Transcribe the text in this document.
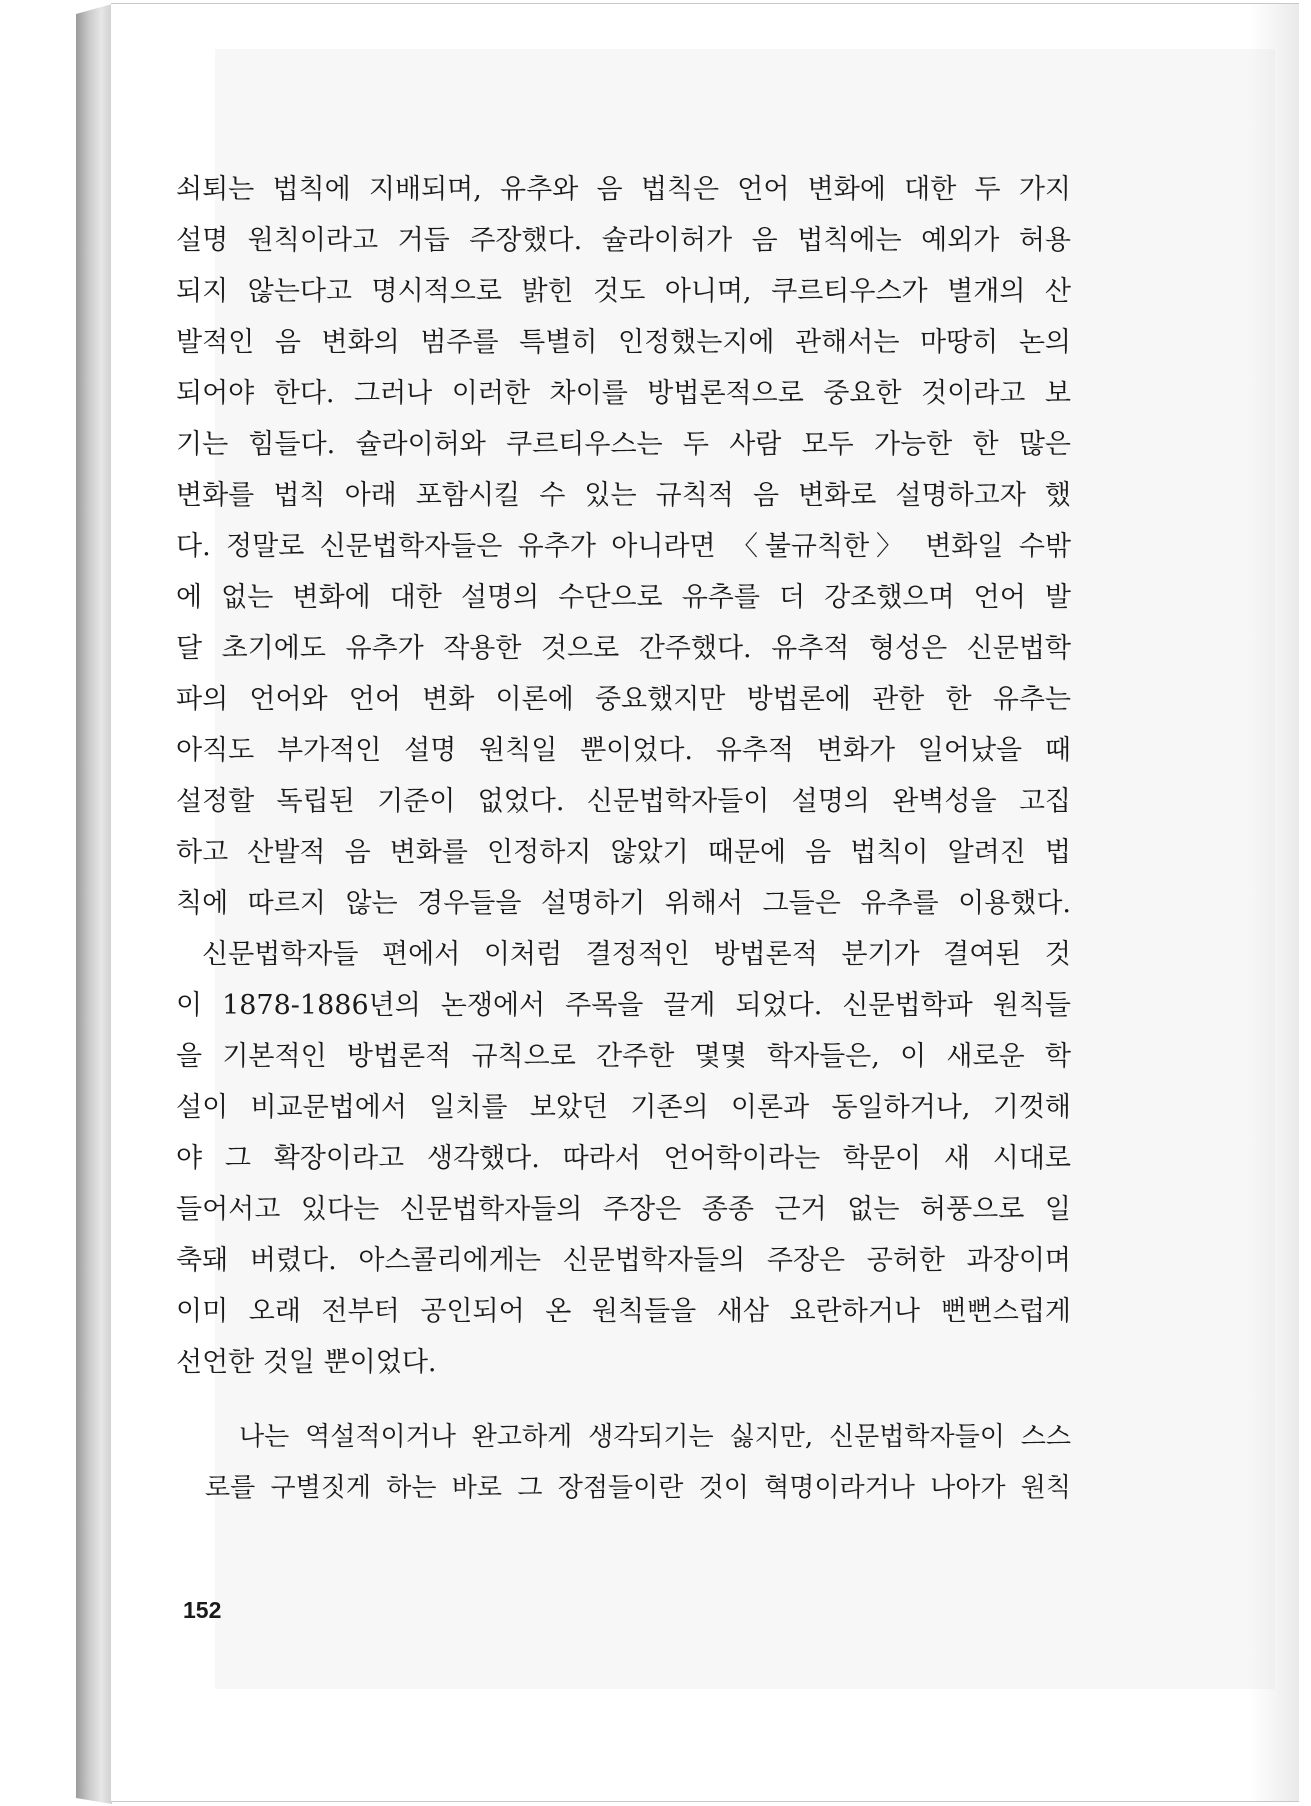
쇠퇴는 법칙에 지배되며, 유추와 음 법칙은 언어 변화에 대한 두 가지
설명 원칙이라고 거듭 주장했다. 슐라이허가 음 법칙에는 예외가 허용
되지 않는다고 명시적으로 밝힌 것도 아니며, 쿠르티우스가 별개의 산
발적인 음 변화의 범주를 특별히 인정했는지에 관해서는 마땅히 논의
되어야 한다. 그러나 이러한 차이를 방법론적으로 중요한 것이라고 보
기는 힘들다. 슐라이허와 쿠르티우스는 두 사람 모두 가능한 한 많은
변화를 법칙 아래 포함시킬 수 있는 규칙적 음 변화로 설명하고자 했
다. 정말로 신문법학자들은 유추가 아니라면 〈불규칙한〉 변화일 수밖
에 없는 변화에 대한 설명의 수단으로 유추를 더 강조했으며 언어 발
달 초기에도 유추가 작용한 것으로 간주했다. 유추적 형성은 신문법학
파의 언어와 언어 변화 이론에 중요했지만 방법론에 관한 한 유추는
아직도 부가적인 설명 원칙일 뿐이었다. 유추적 변화가 일어났을 때
설정할 독립된 기준이 없었다. 신문법학자들이 설명의 완벽성을 고집
하고 산발적 음 변화를 인정하지 않았기 때문에 음 법칙이 알려진 법
칙에 따르지 않는 경우들을 설명하기 위해서 그들은 유추를 이용했다.
신문법학자들 편에서 이처럼 결정적인 방법론적 분기가 결여된 것
이 1878-1886년의 논쟁에서 주목을 끌게 되었다. 신문법학파 원칙들
을 기본적인 방법론적 규칙으로 간주한 몇몇 학자들은, 이 새로운 학
설이 비교문법에서 일치를 보았던 기존의 이론과 동일하거나, 기껏해
야 그 확장이라고 생각했다. 따라서 언어학이라는 학문이 새 시대로
들어서고 있다는 신문법학자들의 주장은 종종 근거 없는 허풍으로 일
축돼 버렸다. 아스콜리에게는 신문법학자들의 주장은 공허한 과장이며
이미 오래 전부터 공인되어 온 원칙들을 새삼 요란하거나 뻔뻔스럽게
선언한 것일 뿐이었다.
나는 역설적이거나 완고하게 생각되기는 싫지만, 신문법학자들이 스스
로를 구별짓게 하는 바로 그 장점들이란 것이 혁명이라거나 나아가 원칙

152
